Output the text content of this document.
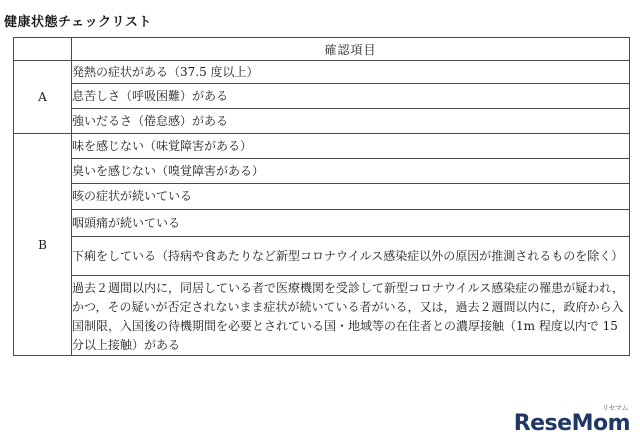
健康状態チェックリスト
	確認項目
A	発熱の症状がある（37.5 度以上）
	息苦しさ（呼吸困難）がある
	強いだるさ（倦怠感）がある
B	味を感じない（味覚障害がある）
	臭いを感じない（嗅覚障害がある）
	咳の症状が続いている
	咽頭痛が続いている
	下痢をしている（持病や食あたりなど新型コロナウイルス感染症以外の原因が推測されるものを除く）
	過去２週間以内に，同居している者で医療機関を受診して新型コロナウイルス感染症の罹患が疑われ，かつ，その疑いが否定されないまま症状が続いている者がいる，又は，過去２週間以内に，政府から入国制限，入国後の待機期間を必要とされている国・地域等の在住者との濃厚接触（1m 程度以内で 15 分以上接触）がある
ReseMom
リセマム
